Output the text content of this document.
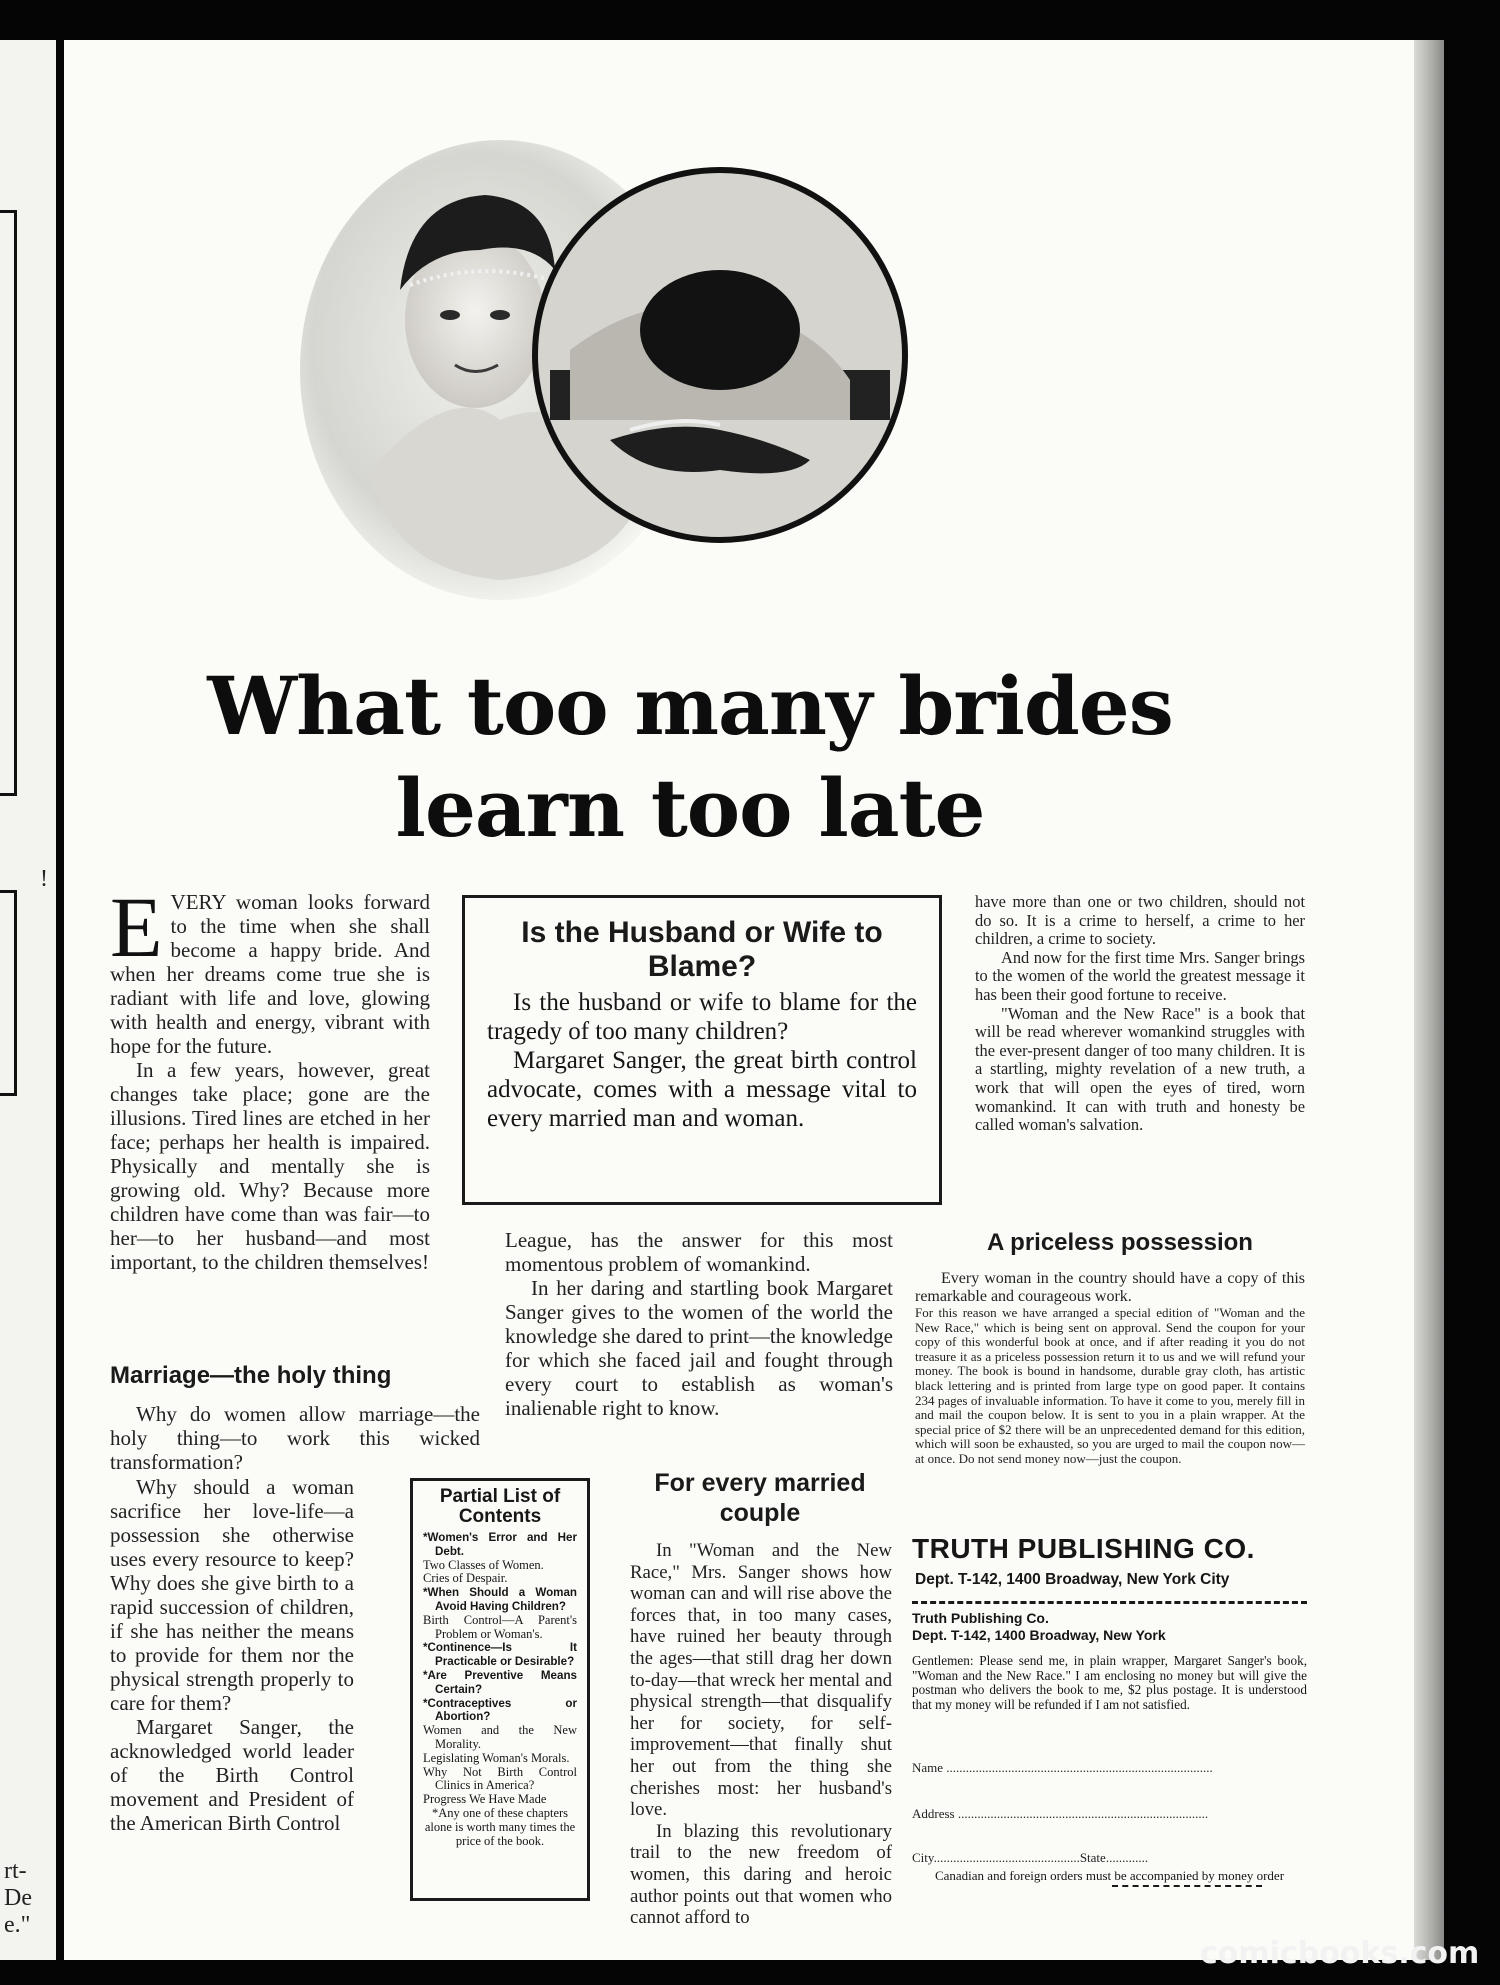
!
rt-
De
e."
What too many brides
learn too late

EVERY woman looks forward to the time when she shall become a happy bride. And when her dreams come true she is radiant with life and love, glowing with health and energy, vibrant with hope for the future.

In a few years, however, great changes take place; gone are the illusions. Tired lines are etched in her face; perhaps her health is impaired. Physically and mentally she is growing old. Why? Because more children have come than was fair—to her—to her husband—and most important, to the children themselves!

Marriage—the holy thing

Why do women allow marriage—the holy thing—to work this wicked transformation?

Why should a woman sacrifice her love-life—a possession she otherwise uses every resource to keep? Why does she give birth to a rapid succession of children, if she has neither the means to provide for them nor the physical strength properly to care for them?

Margaret Sanger, the acknowledged world leader of the Birth Control movement and President of the American Birth Control

Partial List of Contents
*Women's Error and Her Debt.
Two Classes of Women.
Cries of Despair.
*When Should a Woman Avoid Having Children?
Birth Control—A Parent's Problem or Woman's.
*Continence—Is It Practicable or Desirable?
*Are Preventive Means Certain?
*Contraceptives or Abortion?
Women and the New Morality.
Legislating Woman's Morals.
Why Not Birth Control Clinics in America?
Progress We Have Made
*Any one of these chapters alone is worth many times the price of the book.
Is the Husband or Wife to Blame?

Is the husband or wife to blame for the tragedy of too many children?

Margaret Sanger, the great birth control advocate, comes with a message vital to every married man and woman.

League, has the answer for this most momentous problem of womankind.

In her daring and startling book Margaret Sanger gives to the women of the world the knowledge she dared to print—the knowledge for which she faced jail and fought through every court to establish as woman's inalienable right to know.

For every married couple

In "Woman and the New Race," Mrs. Sanger shows how woman can and will rise above the forces that, in too many cases, have ruined her beauty through the ages—that still drag her down to-day—that wreck her mental and physical strength—that disqualify her for society, for self-improvement—that finally shut her out from the thing she cherishes most: her husband's love.

In blazing this revolutionary trail to the new freedom of women, this daring and heroic author points out that women who cannot afford to

have more than one or two children, should not do so. It is a crime to herself, a crime to her children, a crime to society.

And now for the first time Mrs. Sanger brings to the women of the world the greatest message it has been their good fortune to receive.

"Woman and the New Race" is a book that will be read wherever womankind struggles with the ever-present danger of too many children. It is a startling, mighty revelation of a new truth, a work that will open the eyes of tired, worn womankind. It can with truth and honesty be called woman's salvation.

A priceless possession

Every woman in the country should have a copy of this remarkable and courageous work.

For this reason we have arranged a special edition of "Woman and the New Race," which is being sent on approval. Send the coupon for your copy of this wonderful book at once, and if after reading it you do not treasure it as a priceless possession return it to us and we will refund your money. The book is bound in handsome, durable gray cloth, has artistic black lettering and is printed from large type on good paper. It contains 234 pages of invaluable information. To have it come to you, merely fill in and mail the coupon below. It is sent to you in a plain wrapper. At the special price of $2 there will be an unprecedented demand for this edition, which will soon be exhausted, so you are urged to mail the coupon now—at once. Do not send money now—just the coupon.

TRUTH PUBLISHING CO.
Dept. T-142, 1400 Broadway, New York City
Truth Publishing Co.
Dept. T-142, 1400 Broadway, New York

Gentlemen: Please send me, in plain wrapper, Margaret Sanger's book, "Woman and the New Race." I am enclosing no money but will give the postman who delivers the book to me, $2 plus postage. It is understood that my money will be refunded if I am not satisfied.

Name ..................................................................................
Address .............................................................................
City.............................................State.............
Canadian and foreign orders must be accompanied by money order
comicbooks.com
